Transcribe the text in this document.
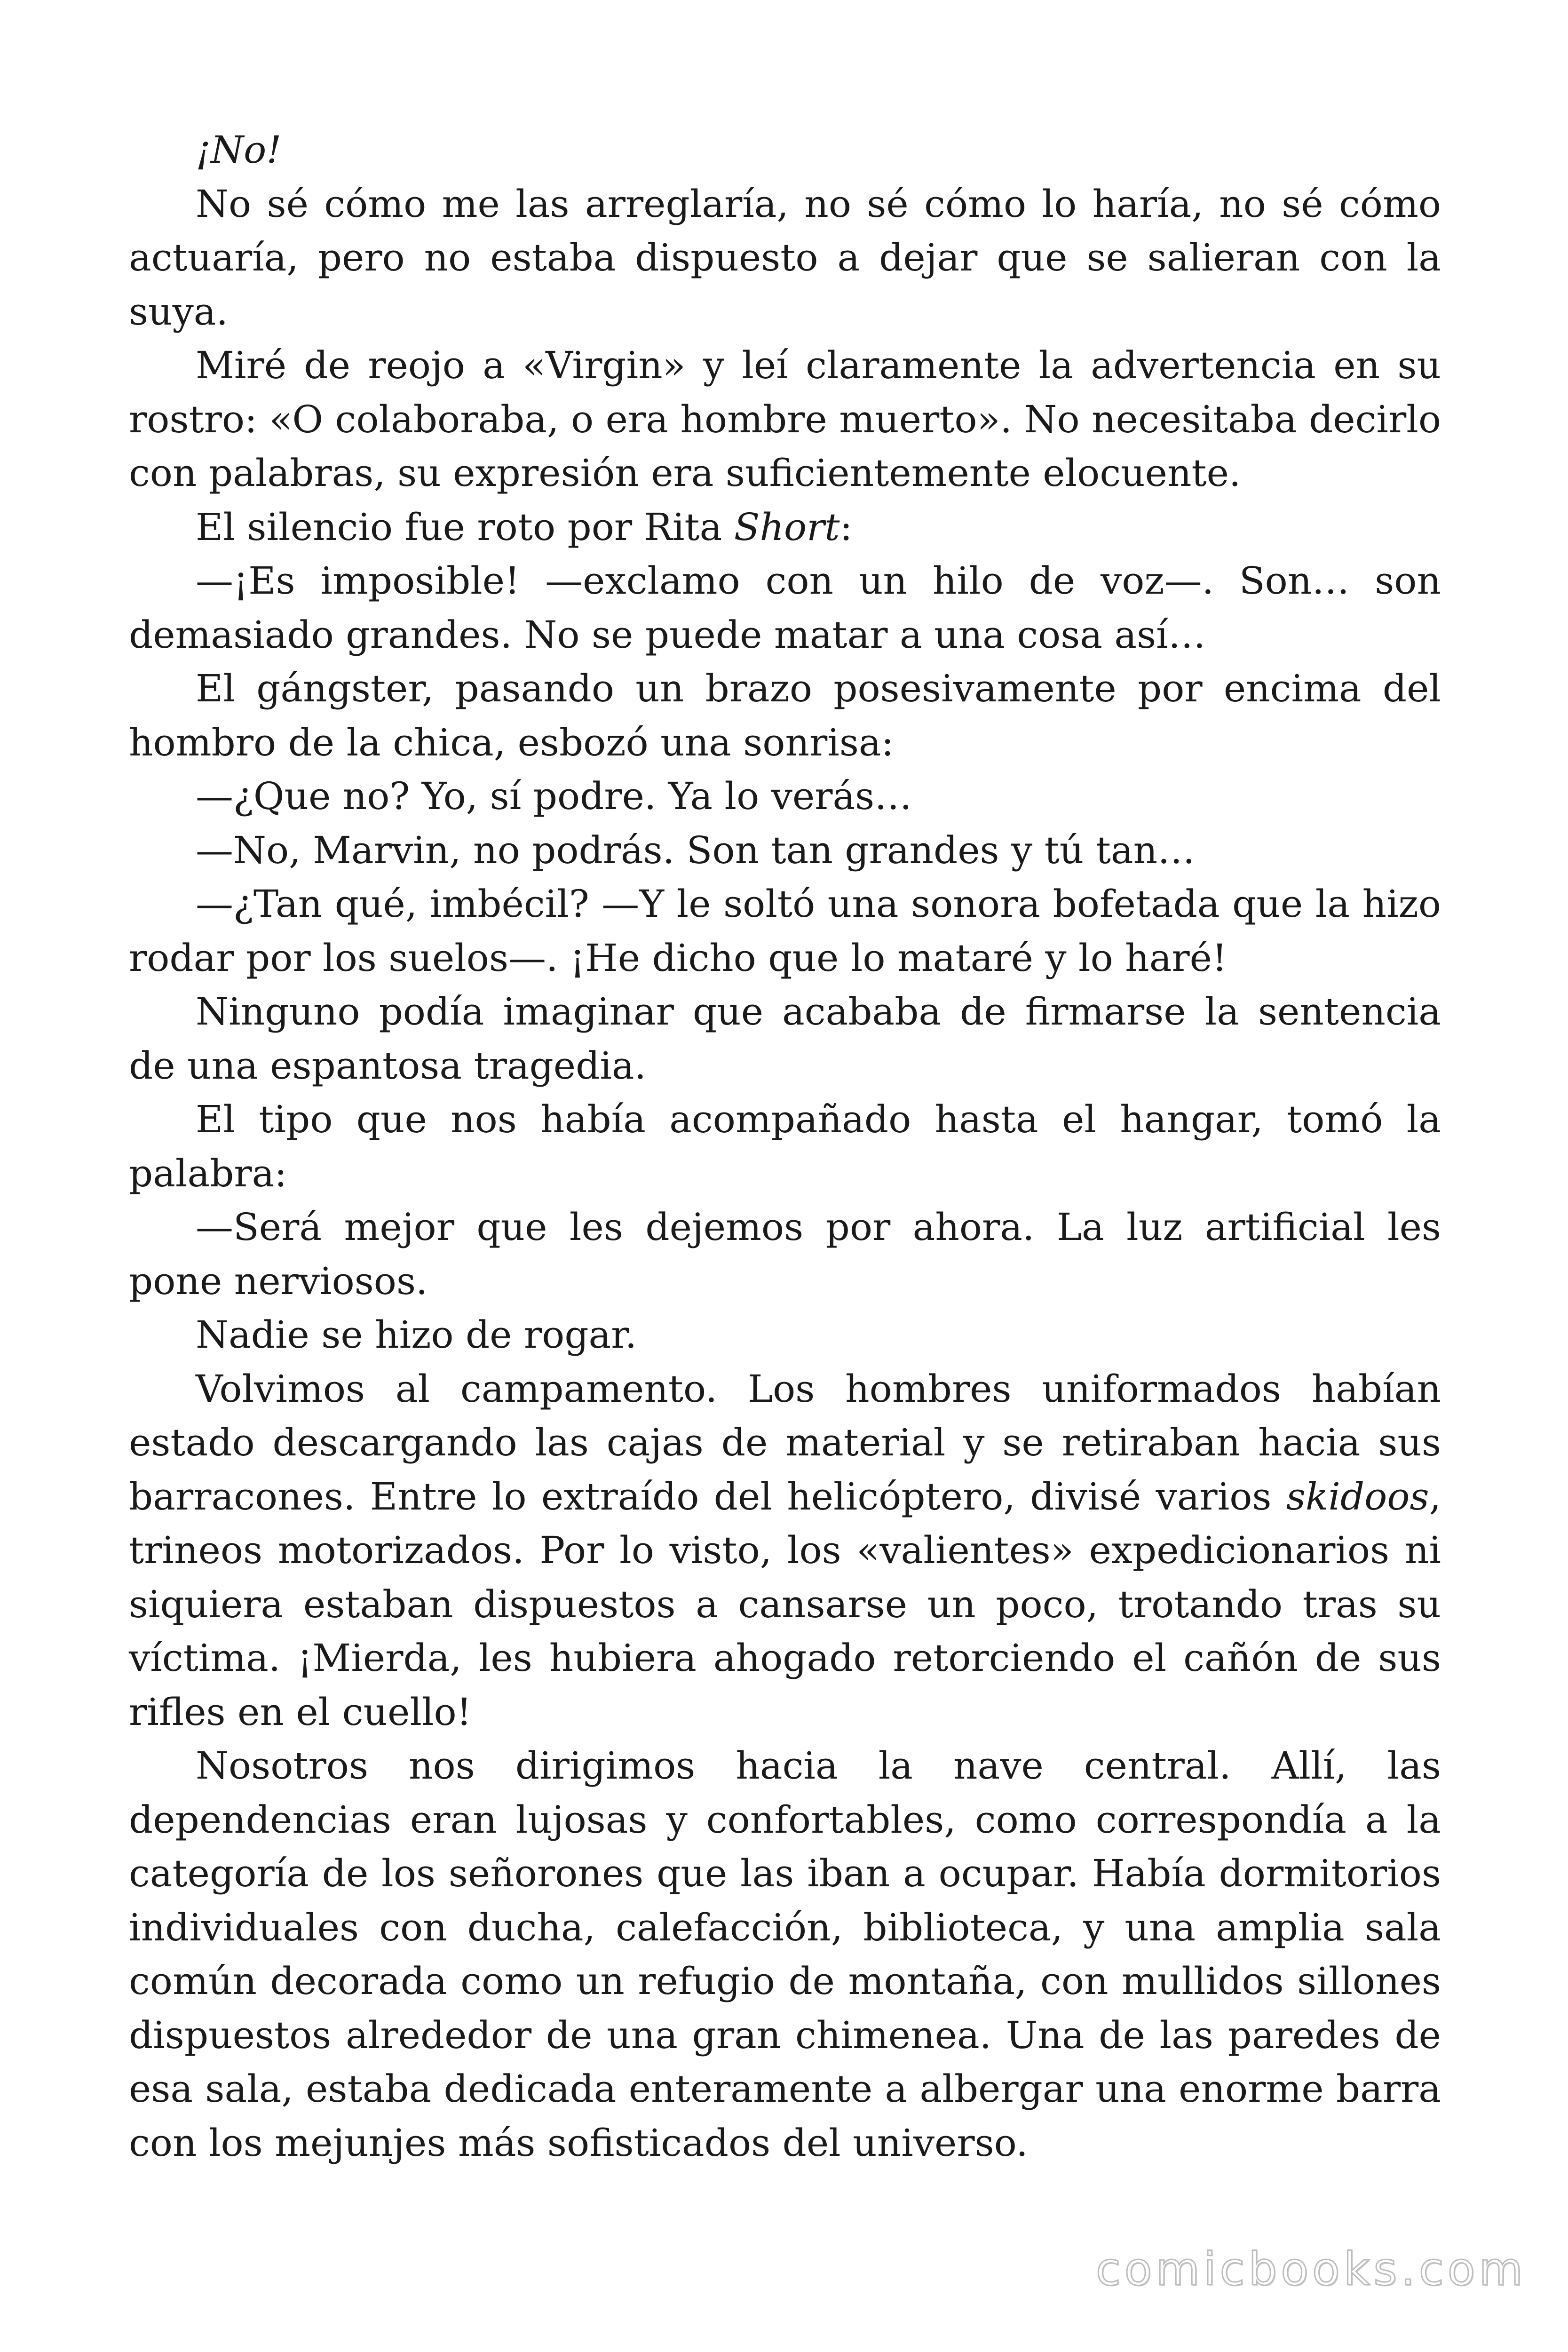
¡No!

No sé cómo me las arreglaría, no sé cómo lo haría, no sé cómo actuaría, pero no estaba dispuesto a dejar que se salieran con la suya.

Miré de reojo a «Virgin» y leí claramente la advertencia en su rostro: «O colaboraba, o era hombre muerto». No necesitaba decirlo con palabras, su expresión era suficientemente elocuente.

El silencio fue roto por Rita Short:

—¡Es imposible! —exclamo con un hilo de voz—. Son… son demasiado grandes. No se puede matar a una cosa así…

El gángster, pasando un brazo posesivamente por encima del hombro de la chica, esbozó una sonrisa:

—¿Que no? Yo, sí podre. Ya lo verás…

—No, Marvin, no podrás. Son tan grandes y tú tan…

—¿Tan qué, imbécil? —Y le soltó una sonora bofetada que la hizo rodar por los suelos—. ¡He dicho que lo mataré y lo haré!

Ninguno podía imaginar que acababa de firmarse la sentencia de una espantosa tragedia.

El tipo que nos había acompañado hasta el hangar, tomó la palabra:

—Será mejor que les dejemos por ahora. La luz artificial les pone nerviosos.

Nadie se hizo de rogar.

Volvimos al campamento. Los hombres uniformados habían estado descargando las cajas de material y se retiraban hacia sus barracones. Entre lo extraído del helicóptero, divisé varios skidoos, trineos motorizados. Por lo visto, los «valientes» expedicionarios ni siquiera estaban dispuestos a cansarse un poco, trotando tras su víctima. ¡Mierda, les hubiera ahogado retorciendo el cañón de sus rifles en el cuello!

Nosotros nos dirigimos hacia la nave central. Allí, las dependencias eran lujosas y confortables, como correspondía a la categoría de los señorones que las iban a ocupar. Había dormitorios individuales con ducha, calefacción, biblioteca, y una amplia sala común decorada como un refugio de montaña, con mullidos sillones dispuestos alrededor de una gran chimenea. Una de las paredes de esa sala, estaba dedicada enteramente a albergar una enorme barra con los mejunjes más sofisticados del universo.

comicbooks.com
